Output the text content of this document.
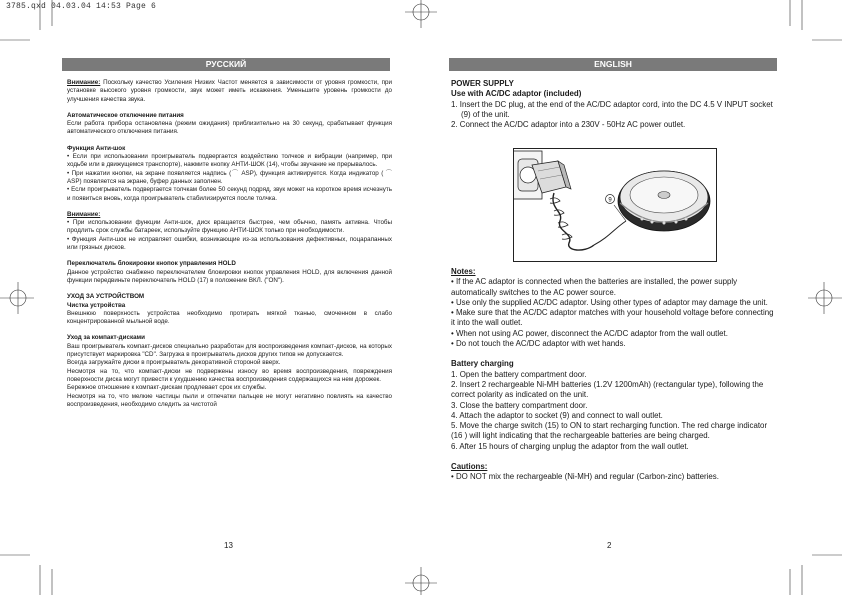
3785.qxd 04.03.04 14:53 Page 6
РУССКИЙ	ENGLISH

Внимание: Поскольку качество Усиления Низких Частот меняется в зависимости от уровня громкости, при установке высокого уровня громкости, звук может иметь искажения. Уменьшите уровень громкости до улучшения качества звука.

Автоматическое отключение питания

Если работа прибора остановлена (режим ожидания) приблизительно на 30 секунд, срабатывает функция автоматического отключения питания.

Функция Анти-шок

• Если при использовании проигрыватель подвергается воздействию толчков и вибрации (например, при ходьбе или в движущемся транспорте), нажмите кнопку АНТИ-ШОК (14), чтобы звучание не прерывалось.

• При нажатии кнопки, на экране появляется надпись (⌒ ASP), функция активируется. Когда индикатор ( ⌒ ASP) появляется на экране, буфер данных заполнен.

• Если проигрыватель подвергается толчкам более 50 секунд подряд, звук может на короткое время исчезнуть и появиться вновь, когда проигрыватель стабилизируется после толчка.

Внимание:

• При использовании функции Анти-шок, диск вращается быстрее, чем обычно, память активна. Чтобы продлить срок службы батареек, используйте функцию АНТИ-ШОК только при необходимости.

• Функция Анти-шок не исправляет ошибки, возникающие из-за использования дефективных, поцарапанных или грязных дисков.

Переключатель блокировки кнопок управления HOLD

Данное устройство снабжено переключателем блокировки кнопок управления HOLD, для включения данной функции передвиньте переключатель HOLD (17) в положение ВКЛ. ("ON").

УХОД ЗА УСТРОЙСТВОМ

Чистка устройства

Внешнюю поверхность устройства необходимо протирать мягкой тканью, смоченном в слабо концентрированной мыльной воде.

Уход за компакт-дисками

Ваш проигрыватель компакт-дисков специально разработан для воспроизведения компакт-дисков, на которых присутствует маркировка "CD". Загрузка в проигрыватель дисков других типов не допускается.

Всегда загружайте диски в проигрыватель декоративной стороной вверх.

Несмотря на то, что компакт-диски не подвержены износу во время воспроизведения, повреждения поверхности диска могут привести к ухудшению качества воспроизведения содержащихся на нем дорожек.

Бережное отношение к компакт-дискам продлевает срок их службы.

Несмотря на то, что мелкие частицы пыли и отпечатки пальцев не могут негативно повлиять на качество воспроизведения, необходимо следить за чистотой

POWER SUPPLY

Use with AC/DC adaptor (included)

1. Insert the DC plug, at the end of the AC/DC adaptor cord, into the DC 4.5 V INPUT socket (9) of the unit.

2. Connect the AC/DC adaptor into a 230V - 50Hz AC power outlet.

9

Notes:

• If the AC adaptor is connected when the batteries are installed, the power supply automatically switches to the AC power source.

• Use only the supplied AC/DC adaptor. Using other types of adaptor may damage the unit.

• Make sure that the AC/DC adaptor matches with your household voltage before connecting it into the wall outlet.

• When not using AC power, disconnect the AC/DC adaptor from the wall outlet.

• Do not touch the AC/DC adaptor with wet hands.

Battery charging

1. Open the battery compartment door.

2. Insert 2 rechargeable Ni-MH batteries (1.2V 1200mAh) (rectangular type), following the correct polarity as indicated on the unit.

3. Close the battery compartment door.

4. Attach the adaptor to socket (9) and connect to wall outlet.

5. Move the charge switch (15) to ON to start recharging function. The red charge indicator (16 ) will light indicating that the rechargeable batteries are being charged.

6. After 15 hours of charging unplug the adaptor from the wall outlet.

Cautions:

• DO NOT mix the rechargeable (Ni-MH) and regular (Carbon-zinc) batteries.

13	2
